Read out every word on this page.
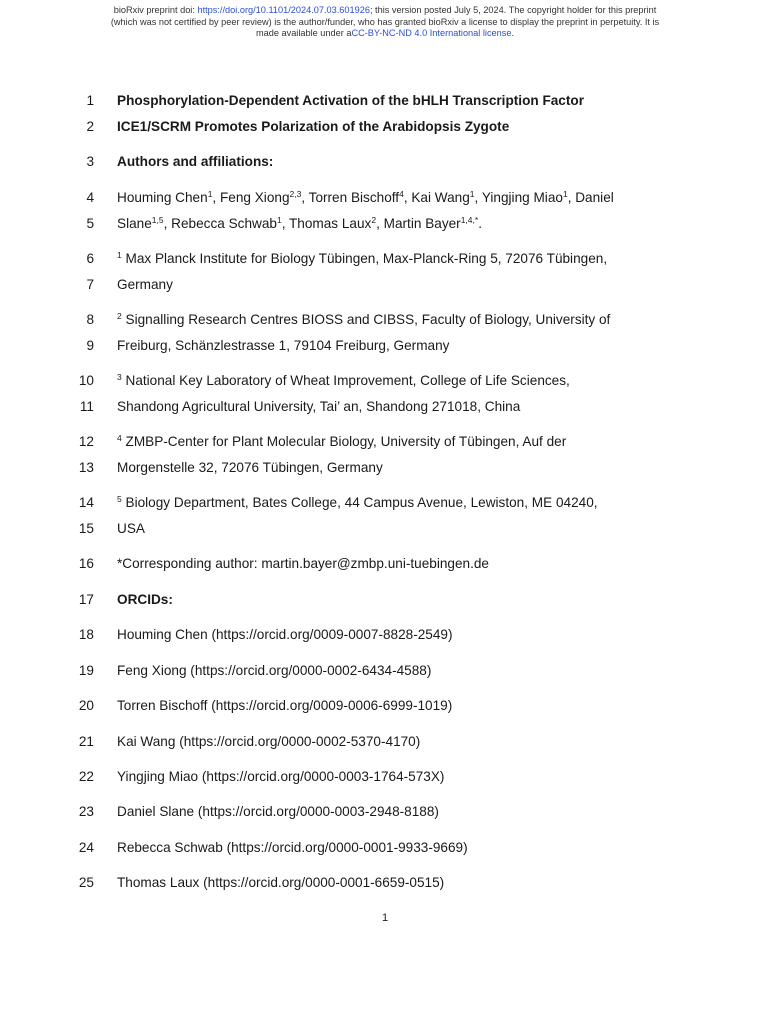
bioRxiv preprint doi: https://doi.org/10.1101/2024.07.03.601926; this version posted July 5, 2024. The copyright holder for this preprint
(which was not certified by peer review) is the author/funder, who has granted bioRxiv a license to display the preprint in perpetuity. It is
made available under aCC-BY-NC-ND 4.0 International license.
1 Phosphorylation-Dependent Activation of the bHLH Transcription Factor
2 ICE1/SCRM Promotes Polarization of the Arabidopsis Zygote
3 Authors and affiliations:
4 Houming Chen$^1$, Feng Xiong$^{2,3}$, Torren Bischoff$^4$, Kai Wang$^1$, Yingjing Miao$^1$, Daniel
5 Slane$^{1,5}$, Rebecca Schwab$^1$, Thomas Laux$^2$, Martin Bayer$^{1,4,*}$.
6	$^1$ Max Planck Institute for Biology Tübingen, Max-Planck-Ring 5, 72076 Tübingen,
7 Germany
8	$^2$ Signalling Research Centres BIOSS and CIBSS, Faculty of Biology, University of
9 Freiburg, Schänzlestrasse 1, 79104 Freiburg, Germany
10	$^3$ National Key Laboratory of Wheat Improvement, College of Life Sciences,
11 Shandong Agricultural University, Tai’ an, Shandong 271018, China
12	$^4$ ZMBP-Center for Plant Molecular Biology, University of Tübingen, Auf der
13 Morgenstelle 32, 72076 Tübingen, Germany
14	$^5$ Biology Department, Bates College, 44 Campus Avenue, Lewiston, ME 04240,
15 USA
16 *Corresponding author: martin.bayer@zmbp.uni-tuebingen.de
17 ORCIDs:
18 Houming Chen (https://orcid.org/0009-0007-8828-2549)
19 Feng Xiong (https://orcid.org/0000-0002-6434-4588)
20 Torren Bischoff (https://orcid.org/0009-0006-6999-1019)
21 Kai Wang (https://orcid.org/0000-0002-5370-4170)
22 Yingjing Miao (https://orcid.org/0000-0003-1764-573X)
23 Daniel Slane (https://orcid.org/0000-0003-2948-8188)
24 Rebecca Schwab (https://orcid.org/0000-0001-9933-9669)
25 Thomas Laux (https://orcid.org/0000-0001-6659-0515)
1
